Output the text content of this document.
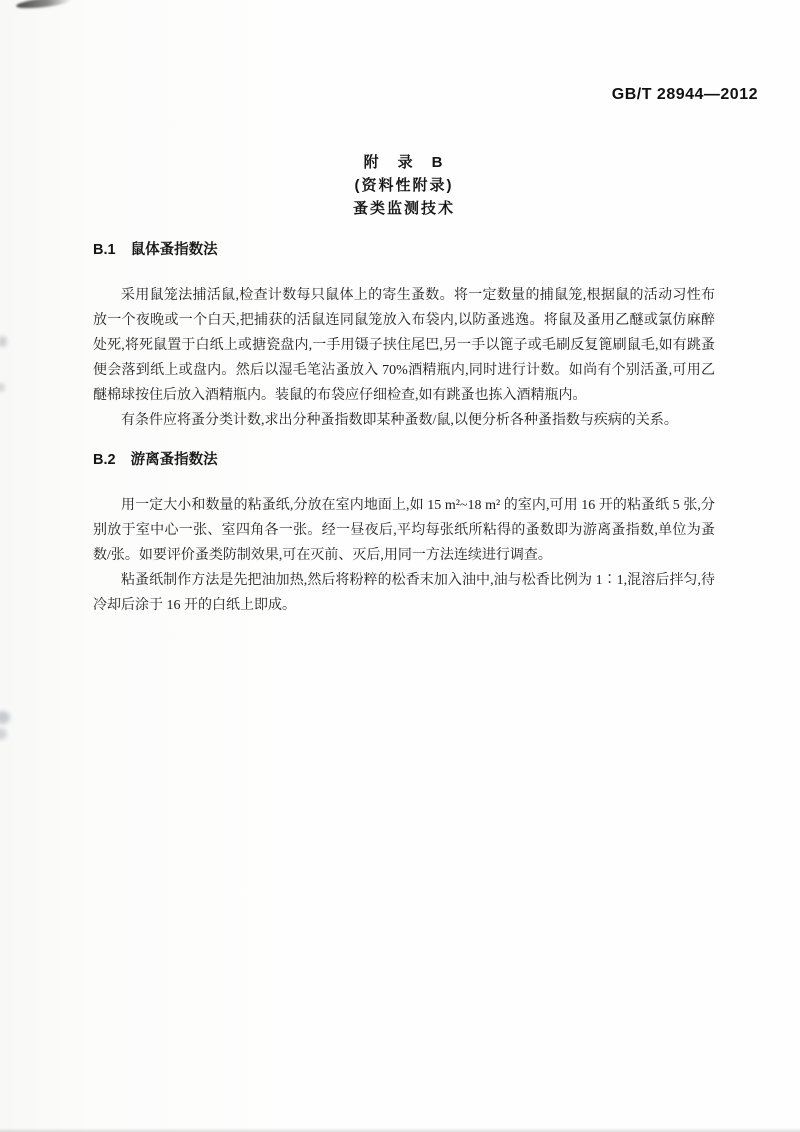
GB/T 28944—2012
附　录　B
(资料性附录)
蚤类监测技术
B.1 鼠体蚤指数法

采用鼠笼法捕活鼠,检查计数每只鼠体上的寄生蚤数。将一定数量的捕鼠笼,根据鼠的活动习性布放一个夜晚或一个白天,把捕获的活鼠连同鼠笼放入布袋内,以防蚤逃逸。将鼠及蚤用乙醚或氯仿麻醉处死,将死鼠置于白纸上或搪瓷盘内,一手用镊子挟住尾巴,另一手以篦子或毛刷反复篦刷鼠毛,如有跳蚤便会落到纸上或盘内。然后以湿毛笔沾蚤放入 70%酒精瓶内,同时进行计数。如尚有个别活蚤,可用乙醚棉球按住后放入酒精瓶内。装鼠的布袋应仔细检查,如有跳蚤也拣入酒精瓶内。

有条件应将蚤分类计数,求出分种蚤指数即某种蚤数/鼠,以便分析各种蚤指数与疾病的关系。

B.2 游离蚤指数法

用一定大小和数量的粘蚤纸,分放在室内地面上,如 15 m²~18 m² 的室内,可用 16 开的粘蚤纸 5 张,分别放于室中心一张、室四角各一张。经一昼夜后,平均每张纸所粘得的蚤数即为游离蚤指数,单位为蚤数/张。如要评价蚤类防制效果,可在灭前、灭后,用同一方法连续进行调查。

粘蚤纸制作方法是先把油加热,然后将粉粹的松香末加入油中,油与松香比例为 1∶1,混溶后拌匀,待冷却后涂于 16 开的白纸上即成。
